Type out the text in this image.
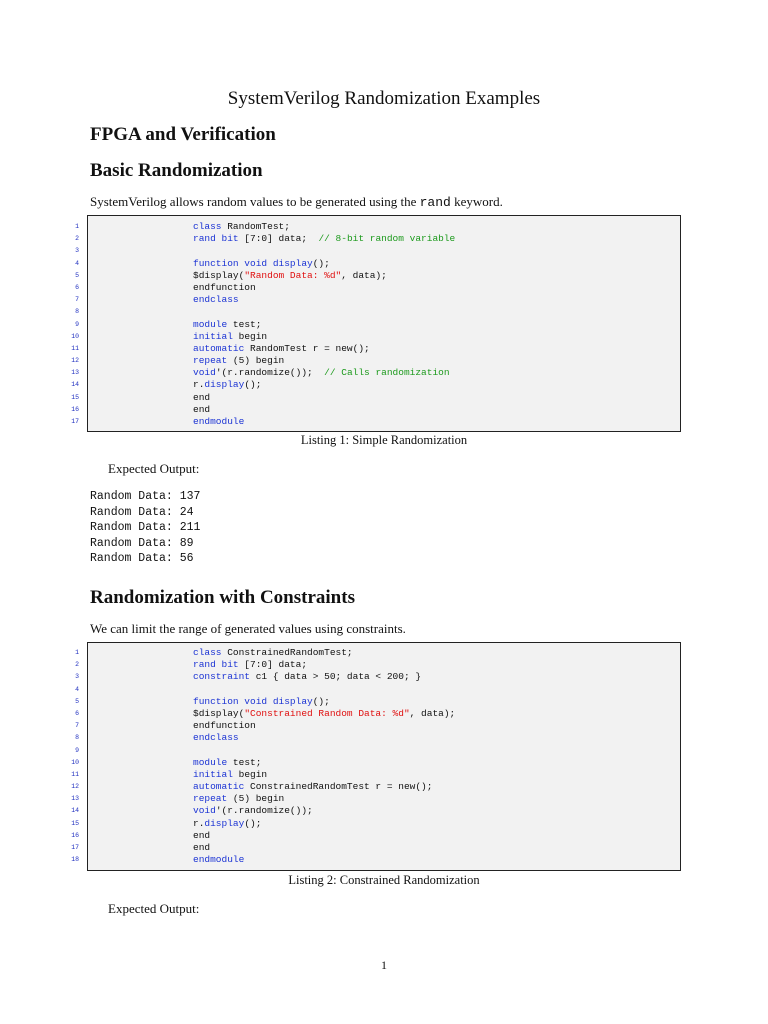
SystemVerilog Randomization Examples
FPGA and Verification
Basic Randomization
SystemVerilog allows random values to be generated using the rand keyword.
1	class RandomTest;
2	rand bit [7:0] data;  // 8-bit random variable
3
4	function void display();
5	$display("Random Data: %d", data);
6	endfunction
7	endclass
8
9	module test;
10	initial begin
11	automatic RandomTest r = new();
12	repeat (5) begin
13	void'(r.randomize());  // Calls randomization
14	r.display();
15	end
16	end
17	endmodule
Listing 1: Simple Randomization
Expected Output:
Random Data: 137
Random Data: 24
Random Data: 211
Random Data: 89
Random Data: 56
Randomization with Constraints
We can limit the range of generated values using constraints.
1	class ConstrainedRandomTest;
2	rand bit [7:0] data;
3	constraint c1 { data > 50; data < 200; }
4
5	function void display();
6	$display("Constrained Random Data: %d", data);
7	endfunction
8	endclass
9
10	module test;
11	initial begin
12	automatic ConstrainedRandomTest r = new();
13	repeat (5) begin
14	void'(r.randomize());
15	r.display();
16	end
17	end
18	endmodule
Listing 2: Constrained Randomization
Expected Output:
1
